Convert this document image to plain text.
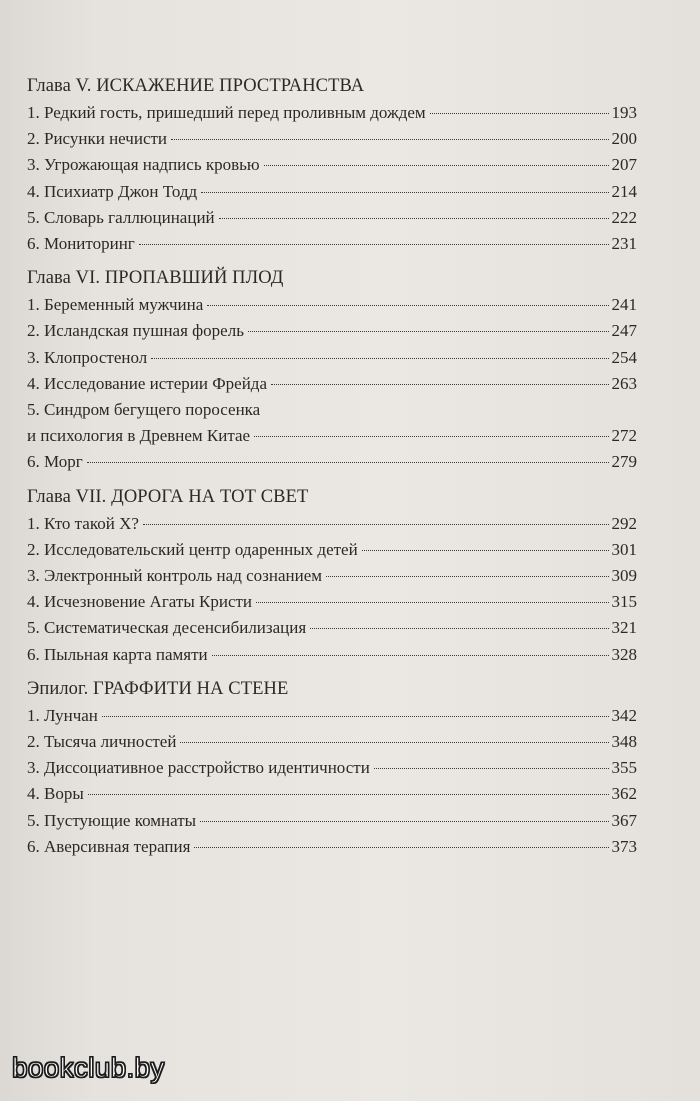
Глава V. ИСКАЖЕНИЕ ПРОСТРАНСТВА
1. Редкий гость, пришедший перед проливным дождем	193
2. Рисунки нечисти	200
3. Угрожающая надпись кровью	207
4. Психиатр Джон Тодд	214
5. Словарь галлюцинаций	222
6. Мониторинг	231
Глава VI. ПРОПАВШИЙ ПЛОД
1. Беременный мужчина	241
2. Исландская пушная форель	247
3. Клопростенол	254
4. Исследование истерии Фрейда	263
5. Синдром бегущего поросенка
и психология в Древнем Китае	272
6. Морг	279
Глава VII. ДОРОГА НА ТОТ СВЕТ
1. Кто такой Х?	292
2. Исследовательский центр одаренных детей	301
3. Электронный контроль над сознанием	309
4. Исчезновение Агаты Кристи	315
5. Систематическая десенсибилизация	321
6. Пыльная карта памяти	328
Эпилог. ГРАФФИТИ НА СТЕНЕ
1. Лунчан	342
2. Тысяча личностей	348
3. Диссоциативное расстройство идентичности	355
4. Воры	362
5. Пустующие комнаты	367
6. Аверсивная терапия	373
bookclub.by
